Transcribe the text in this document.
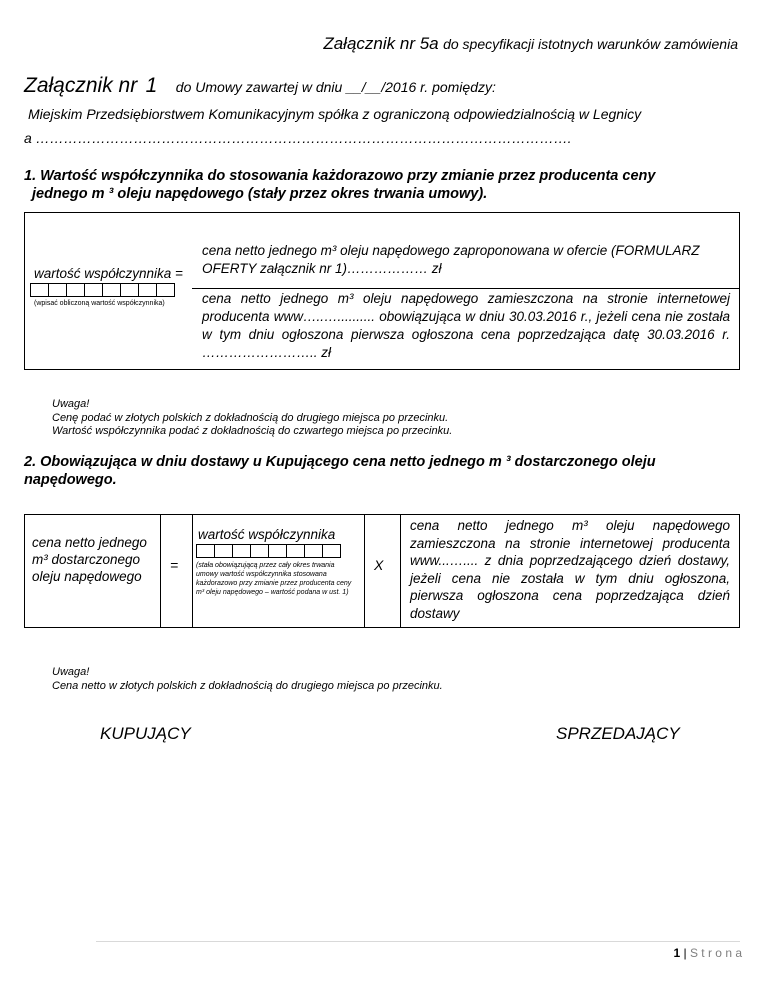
Załącznik nr 5a do specyfikacji istotnych warunków zamówienia
Załącznik nr 1 do Umowy zawartej w dniu __/__/2016 r. pomiędzy:
Miejskim Przedsiębiorstwem Komunikacyjnym spółka z ograniczoną odpowiedzialnością w Legnicy
a …………………………………………………………………………………………………….
1. Wartość współczynnika do stosowania każdorazowo przy zmianie przez producenta ceny
jednego m ³ oleju napędowego (stały przez okres trwania umowy).
wartość współczynnika =
(wpisać obliczoną wartość współczynnika)
cena netto jednego m³ oleju napędowego zaproponowana w ofercie (FORMULARZ OFERTY załącznik nr 1)……………… zł
cena netto jednego m³ oleju napędowego zamieszczona na stronie internetowej producenta www…..….......... obowiązująca w dniu 30.03.2016 r., jeżeli cena nie została w tym dniu ogłoszona pierwsza ogłoszona cena poprzedzająca datę 30.03.2016 r. …………………….. zł
Uwaga!
Cenę podać w złotych polskich z dokładnością do drugiego miejsca po przecinku.
Wartość współczynnika podać z dokładnością do czwartego miejsca po przecinku.
2. Obowiązująca w dniu dostawy u Kupującego cena netto jednego m ³ dostarczonego oleju
napędowego.
cena netto jednego m³ dostarczonego oleju napędowego
=
wartość współczynnika
(stała obowiązującą przez cały okres trwania umowy wartość współczynnika stosowana każdorazowo przy zmianie przez producenta ceny m³ oleju napędowego – wartość podana w ust. 1)
X
cena netto jednego m³ oleju napędowego zamieszczona na stronie internetowej producenta www...….... z dnia poprzedzającego dzień dostawy, jeżeli cena nie została w tym dniu ogłoszona, pierwsza ogłoszona cena poprzedzająca dzień dostawy
Uwaga!
Cena netto w złotych polskich z dokładnością do drugiego miejsca po przecinku.
KUPUJĄCY	SPRZEDAJĄCY
1 | S t r o n a
